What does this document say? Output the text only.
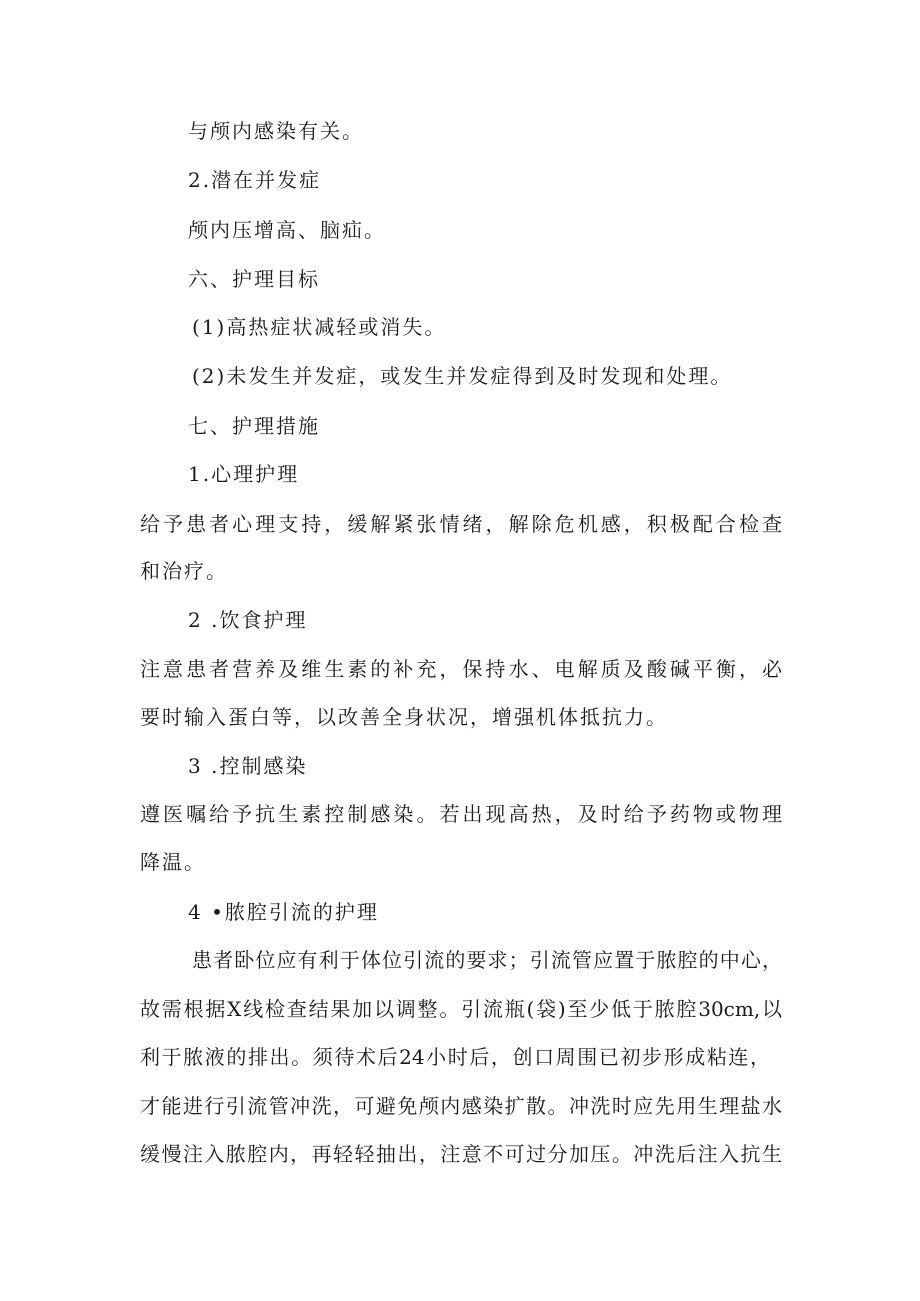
与颅内感染有关。
2.潜在并发症
颅内压增高、脑疝。
六、护理目标
(1)高热症状减轻或消失。
(2)未发生并发症，或发生并发症得到及时发现和处理。
七、护理措施
1.心理护理
给予患者心理支持，缓解紧张情绪，解除危机感，积极配合检查
和治疗。
2 .饮食护理
注意患者营养及维生素的补充，保持水、电解质及酸碱平衡，必
要时输入蛋白等，以改善全身状况，增强机体抵抗力。
3 .控制感染
遵医嘱给予抗生素控制感染。若出现高热，及时给予药物或物理
降温。
4 •脓腔引流的护理
患者卧位应有利于体位引流的要求；引流管应置于脓腔的中心，
故需根据X线检查结果加以调整。引流瓶(袋)至少低于脓腔30cm,以
利于脓液的排出。须待术后24小时后，创口周围已初步形成粘连，
才能进行引流管冲洗，可避免颅内感染扩散。冲洗时应先用生理盐水
缓慢注入脓腔内，再轻轻抽出，注意不可过分加压。冲洗后注入抗生
